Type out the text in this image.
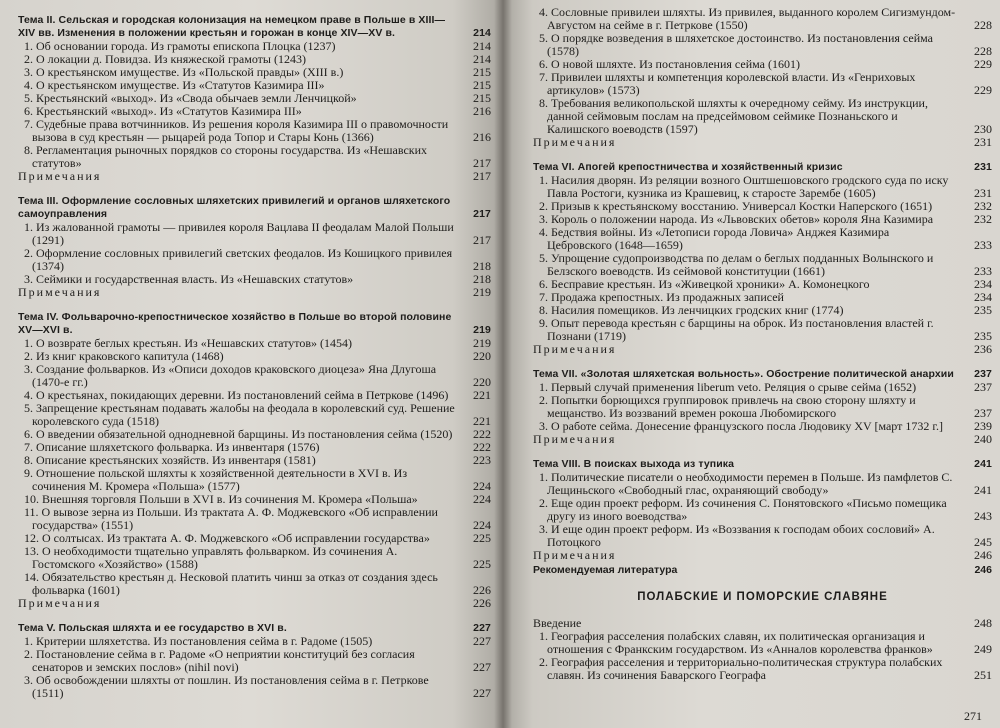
Тема II. Сельская и городская колонизация на немецком праве в Польше в XIII—XIV вв. Изменения в положении крестьян и горожан в конце XIV—XV в.	214
1. Об основании города. Из грамоты епископа Плоцка (1237)	214
2. О локации д. Повидза. Из княжеской грамоты (1243)	214
3. О крестьянском имуществе. Из «Польской правды» (XIII в.)	215
4. О крестьянском имуществе. Из «Статутов Казимира III»	215
5. Крестьянский «выход». Из «Свода обычаев земли Ленчицкой»	215
6. Крестьянский «выход». Из «Статутов Казимира III»	216
7. Судебные права вотчинников. Из решения короля Казимира III о правомочности вызова в суд крестьян — рыцарей рода Топор и Стары Конь (1366)	216
8. Регламентация рыночных порядков со стороны государства. Из «Нешавских статутов»	217
Примечания	217
Тема III. Оформление сословных шляхетских привилегий и органов шляхетского самоуправления	217
1. Из жалованной грамоты — привилея короля Вацлава II феодалам Малой Польши (1291)	217
2. Оформление сословных привилегий светских феодалов. Из Кошицкого привилея (1374)	218
3. Сеймики и государственная власть. Из «Нешавских статутов»	218
Примечания	219
Тема IV. Фольварочно-крепостническое хозяйство в Польше во второй половине XV—XVI в.	219
1. О возврате беглых крестьян. Из «Нешавских статутов» (1454)	219
2. Из книг краковского капитула (1468)	220
3. Создание фольварков. Из «Описи доходов краковского диоцеза» Яна Длугоша (1470-е гг.)	220
4. О крестьянах, покидающих деревни. Из постановлений сейма в Петркове (1496)	221
5. Запрещение крестьянам подавать жалобы на феодала в королевский суд. Решение королевского суда (1518)	221
6. О введении обязательной однодневной барщины. Из постановления сейма (1520)	222
7. Описание шляхетского фольварка. Из инвентаря (1576)	222
8. Описание крестьянских хозяйств. Из инвентаря (1581)	223
9. Отношение польской шляхты к хозяйственной деятельности в XVI в. Из сочинения М. Кромера «Польша» (1577)	224
10. Внешняя торговля Польши в XVI в. Из сочинения М. Кромера «Польша»	224
11. О вывозе зерна из Польши. Из трактата А. Ф. Моджевского «Об исправлении государства» (1551)	224
12. О солтысах. Из трактата А. Ф. Моджевского «Об исправлении государства»	225
13. О необходимости тщательно управлять фольварком. Из сочинения А. Гостомского «Хозяйство» (1588)	225
14. Обязательство крестьян д. Несковой платить чинш за отказ от создания здесь фольварка (1601)	226
Примечания	226
Тема V. Польская шляхта и ее государство в XVI в.	227
1. Критерии шляхетства. Из постановления сейма в г. Радоме (1505)	227
2. Постановление сейма в г. Радоме «О неприятии конституций без согласия сенаторов и земских послов» (nihil novi)	227
3. Об освобождении шляхты от пошлин. Из постановления сейма в г. Петркове (1511)	227
4. Сословные привилеи шляхты. Из привилея, выданного королем Сигизмундом-Августом на сейме в г. Петркове (1550)	228
5. О порядке возведения в шляхетское достоинство. Из постановления сейма (1578)	228
6. О новой шляхте. Из постановления сейма (1601)	229
7. Привилеи шляхты и компетенция королевской власти. Из «Генриховых артикулов» (1573)	229
8. Требования великопольской шляхты к очередному сейму. Из инструкции, данной сеймовым послам на предсеймовом сеймике Познаньского и Калишского воеводств (1597)	230
Примечания	231
Тема VI. Апогей крепостничества и хозяйственный кризис	231
1. Насилия дворян. Из реляции возного Оштшешовского гродского суда по иску Павла Ростоги, кузника из Крашевиц, к старосте Зарембе (1605)	231
2. Призыв к крестьянскому восстанию. Универсал Костки Наперского (1651)	232
3. Король о положении народа. Из «Львовских обетов» короля Яна Казимира	232
4. Бедствия войны. Из «Летописи города Ловича» Анджея Казимира Цебровского (1648—1659)	233
5. Упрощение судопроизводства по делам о беглых подданных Волынского и Белзского воеводств. Из сеймовой конституции (1661)	233
6. Бесправие крестьян. Из «Живецкой хроники» А. Комонецкого	234
7. Продажа крепостных. Из продажных записей	234
8. Насилия помещиков. Из ленчицких гродских книг (1774)	235
9. Опыт перевода крестьян с барщины на оброк. Из постановления властей г. Познани (1719)	235
Примечания	236
Тема VII. «Золотая шляхетская вольность». Обострение политической анархии	237
1. Первый случай применения liberum veto. Реляция о срыве сейма (1652)	237
2. Попытки борющихся группировок привлечь на свою сторону шляхту и мещанство. Из воззваний времен рокоша Любомирского	237
3. О работе сейма. Донесение французского посла Людовику XV [март 1732 г.]	239
Примечания	240
Тема VIII. В поисках выхода из тупика	241
1. Политические писатели о необходимости перемен в Польше. Из памфлетов С. Лещиньского «Свободный глас, охраняющий свободу»	241
2. Еще один проект реформ. Из сочинения С. Понятовского «Письмо помещика другу из иного воеводства»	243
3. И еще один проект реформ. Из «Воззвания к господам обоих сословий» А. Потоцкого	245
Примечания	246
Рекомендуемая литература	246
ПОЛАБСКИЕ И ПОМОРСКИЕ СЛАВЯНЕ
Введение	248
1. География расселения полабских славян, их политическая организация и отношения с Франкским государством. Из «Анналов королевства франков»	249
2. География расселения и территориально-политическая структура полабских славян. Из сочинения Баварского Географа	251
271
